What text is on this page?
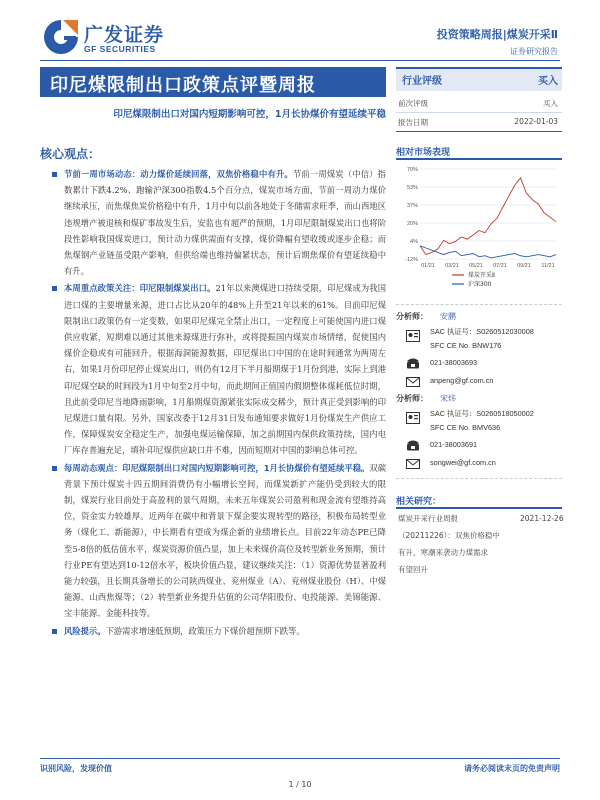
广发证券
GF SECURITIES
投资策略周报|煤炭开采Ⅱ
证券研究报告
印尼煤限制出口政策点评暨周报
印尼煤限制出口对国内短期影响可控，1月长协煤价有望延续平稳
行业评级	买入
前次评级	买入
报告日期	2022-01-03
核心观点：
节前一周市场动态：动力煤价延续回落，双焦价格稳中有升。节前一周煤炭（中信）指数累计下跌4.2%、跑输沪深300指数4.5个百分点，煤炭市场方面，节前一周动力煤价继续承压，而焦煤焦炭价格稳中有升，1月中旬以前各地处于冬储需求旺季，而山西地区违规增产被退核和煤矿事故发生后，安监也有超严的预期，1月印尼限制煤炭出口也将阶段性影响我国煤炭进口，预计动力煤供需面有支撑，煤价降幅有望收缓或逐步企稳；而焦煤钢产业链虽受限产影响，但供给端也维持偏紧状态，预计后期焦煤价有望延续稳中有升。
本周重点政策关注：印尼限制煤炭出口。21年以来澳煤进口持续受限，印尼煤成为我国进口煤的主要增量来源，进口占比从20年的48%上升至21年以来的61%。目前印尼煤限制出口政策仍有一定变数，如果印尼煤完全禁止出口，一定程度上可能使国内进口煤供应收紧，短期难以通过其他来源煤进行弥补，或将提振国内煤炭市场情绪，促使国内煤价企稳或有可能回升，根据海洞能源数据，印尼煤出口中国的在途时间通常为两周左右，如果1月份印尼停止煤炭出口，则仍有12月下半月船期煤于1月份到港，实际上到港印尼煤空缺的时间段为1月中旬至2月中旬，而此期间正值国内假期整体煤耗低位时期，且此前受印尼当地降雨影响，1月船期煤资源紧张实际成交稀少，预计真正受到影响的印尼煤进口量有限。另外，国家改委于12月31日发布通知要求做好1月份煤炭生产供应工作，保障煤炭安全稳定生产，加强电煤运输保障，加之前期国内保供政策持续，国内电厂库存普遍充足，填补印尼煤供应缺口并不难，因而短期对中国的影响总体可控。
每周动态观点：印尼煤限制出口对国内短期影响可控，1月长协煤价有望延续平稳。双碳背景下预计煤炭十四五期间消费仍有小幅增长空间，而煤炭新扩产能仍受到较大的限制，煤炭行业目前处于高盈利的景气周期，未来五年煤炭公司盈利和现金流有望维持高位，资金实力较雄厚。近两年在碳中和背景下煤企要实现转型的路径，积极布局转型业务（煤化工、新能源），中长期看有望成为煤企新的业绩增长点。目前22年动态PE已降至5-8倍的低估值水平，煤炭资源价值凸显，加上未来煤价高位及转型新业务预期，预计行业PE有望达到10-12倍水平，板块价值凸显，建议继续关注：（1）资源优势显著盈利能力较强，且长期具备增长的公司陕西煤业、兖州煤业（A）、兖州煤业股份（H）、中煤能源、山西焦煤等；（2）转型新业务提升估值的公司华阳股份、电投能源、美锦能源、宝丰能源、金能科技等。
风险提示。下游需求增速低预期，政策压力下煤价超预期下跌等。
相对市场表现
-12%
4%
20%
37%
53%
70%
01/21 03/21 05/21 07/21 09/21 11/21
煤炭开采Ⅱ
沪深300
分析师： 安鹏
SAC 执证号：S0260512030008
SFC CE No. BNW176
021-38003693
anpeng@gf.com.cn
分析师： 宋炜
SAC 执证号：S0260518050002
SFC CE No. BMV636
021-38003691
songwei@gf.com.cn
相关研究：
煤炭开采行业周报	2021-12-26
（20211226）：双焦价格稳中
有升，寒潮来袭动力煤需求
有望回升
识别风险，发现价值	请务必阅读末页的免责声明
1 / 10
